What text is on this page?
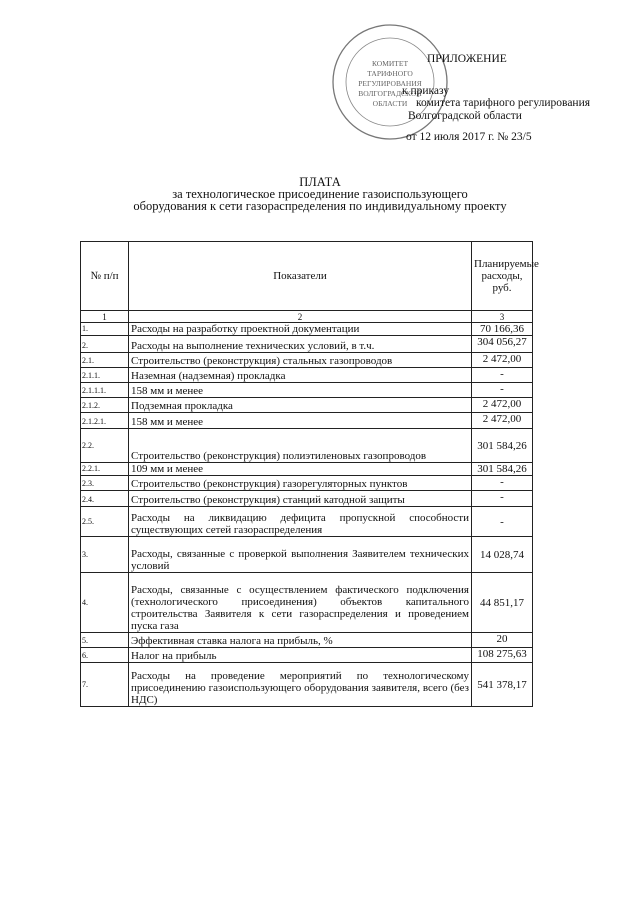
КОМИТЕТ
ТАРИФНОГО
РЕГУЛИРОВАНИЯ
ВОЛГОГРАДСКОЙ
ОБЛАСТИ
ПРИЛОЖЕНИЕ
к приказу
комитета тарифного регулирования
Волгоградской области
от 12 июля 2017 г. № 23/5
ПЛАТА
за технологическое присоединение газоиспользующего
оборудования к сети газораспределения по индивидуальному проекту
№ п/п	Показатели	Планируемые расходы, руб.
1	2	3
1.	Расходы на разработку проектной документации	70 166,36
2.	Расходы на выполнение технических условий, в т.ч.	304 056,27
2.1.	Строительство (реконструкция) стальных газопроводов	2 472,00
2.1.1.	Наземная (надземная) прокладка	-
2.1.1.1.	158 мм и менее	-
2.1.2.	Подземная прокладка	2 472,00
2.1.2.1.	158 мм и менее	2 472,00
2.2.	Строительство (реконструкция) полиэтиленовых газопроводов	301 584,26
2.2.1.	109 мм и менее	301 584,26
2.3.	Строительство (реконструкция) газорегуляторных пунктов	-
2.4.	Строительство (реконструкция) станций катодной защиты	-
2.5.	Расходы на ликвидацию дефицита пропускной способности существующих сетей газораспределения	-
3.	Расходы, связанные с проверкой выполнения Заявителем технических условий	14 028,74
4.	Расходы, связанные с осуществлением фактического подключения (технологического присоединения) объектов капитального строительства Заявителя к сети газораспределения и проведением пуска газа	44 851,17
5.	Эффективная ставка налога на прибыль, %	20
6.	Налог на прибыль	108 275,63
7.	Расходы на проведение мероприятий по технологическому присоединению газоиспользующего оборудования заявителя, всего (без НДС)	541 378,17
